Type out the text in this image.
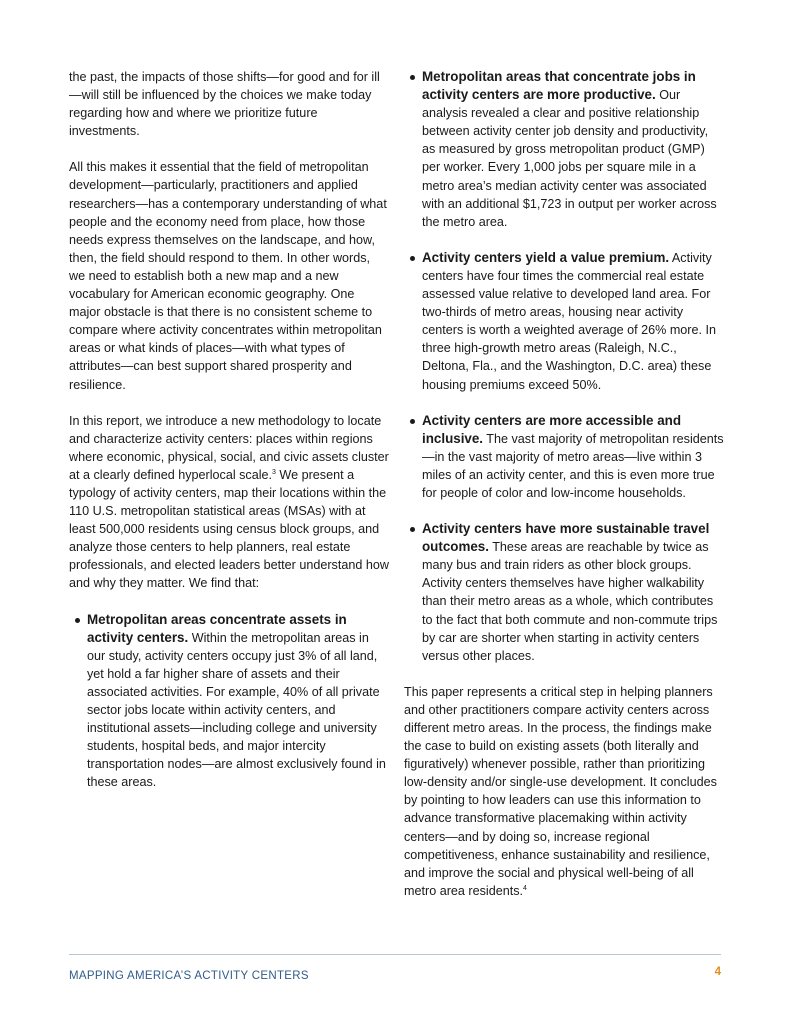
the past, the impacts of those shifts—for good and for ill—will still be influenced by the choices we make today regarding how and where we prioritize future investments.

All this makes it essential that the field of metropolitan development—particularly, practitioners and applied researchers—has a contemporary understanding of what people and the economy need from place, how those needs express themselves on the landscape, and how, then, the field should respond to them. In other words, we need to establish both a new map and a new vocabulary for American economic geography. One major obstacle is that there is no consistent scheme to compare where activity concentrates within metropolitan areas or what kinds of places—with what types of attributes—can best support shared prosperity and resilience.

In this report, we introduce a new methodology to locate and characterize activity centers: places within regions where economic, physical, social, and civic assets cluster at a clearly defined hyperlocal scale.$^3$ We present a typology of activity centers, map their locations within the 110 U.S. metropolitan statistical areas (MSAs) with at least 500,000 residents using census block groups, and analyze those centers to help planners, real estate professionals, and elected leaders better understand how and why they matter. We find that:

Metropolitan areas concentrate assets in activity centers. Within the metropolitan areas in our study, activity centers occupy just 3% of all land, yet hold a far higher share of assets and their associated activities. For example, 40% of all private sector jobs locate within activity centers, and institutional assets—including college and university students, hospital beds, and major intercity transportation nodes—are almost exclusively found in these areas.
Metropolitan areas that concentrate jobs in activity centers are more productive. Our analysis revealed a clear and positive relationship between activity center job density and productivity, as measured by gross metropolitan product (GMP) per worker. Every 1,000 jobs per square mile in a metro area’s median activity center was associated with an additional $1,723 in output per worker across the metro area.
Activity centers yield a value premium. Activity centers have four times the commercial real estate assessed value relative to developed land area. For two-thirds of metro areas, housing near activity centers is worth a weighted average of 26% more. In three high-growth metro areas (Raleigh, N.C., Deltona, Fla., and the Washington, D.C. area) these housing premiums exceed 50%.
Activity centers are more accessible and inclusive. The vast majority of metropolitan residents—in the vast majority of metro areas—live within 3 miles of an activity center, and this is even more true for people of color and low-income households.
Activity centers have more sustainable travel outcomes. These areas are reachable by twice as many bus and train riders as other block groups. Activity centers themselves have higher walkability than their metro areas as a whole, which contributes to the fact that both commute and non-commute trips by car are shorter when starting in activity centers versus other places.

This paper represents a critical step in helping planners and other practitioners compare activity centers across different metro areas. In the process, the findings make the case to build on existing assets (both literally and figuratively) whenever possible, rather than prioritizing low-density and/or single-use development. It concludes by pointing to how leaders can use this information to advance transformative placemaking within activity centers—and by doing so, increase regional competitiveness, enhance sustainability and resilience, and improve the social and physical well-being of all metro area residents.$^4$

MAPPING AMERICA’S ACTIVITY CENTERS	4
